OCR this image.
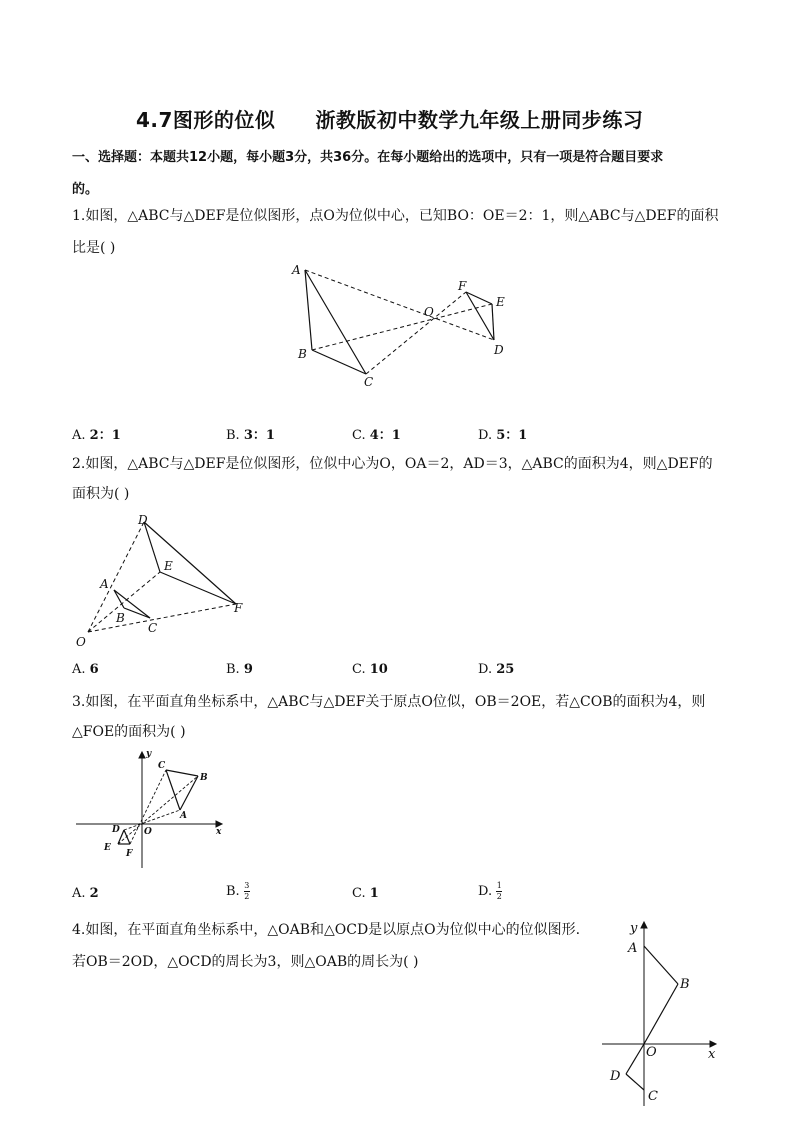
4.7图形的位似 浙教版初中数学九年级上册同步练习
一、选择题：本题共12小题，每小题3分，共36分。在每小题给出的选项中，只有一项是符合题目要求
的。
1.如图，△ABC与△DEF是位似图形，点O为位似中心，已知BO：OE＝2：1，则△ABC与△DEF的面积
比是( )
A
B
C
F
E
D
O
A. 2：1	B. 3：1	C. 4：1	D. 5：1
2.如图，△ABC与△DEF是位似图形，位似中心为O，OA＝2，AD＝3，△ABC的面积为4，则△DEF的
面积为( )
D
E
F
A
B
C
O
A. 6	B. 9	C. 10	D. 25
3.如图，在平面直角坐标系中，△ABC与△DEF关于原点O位似，OB＝2OE，若△COB的面积为4，则
△FOE的面积为( )
C
B
A
D
E
F
O	x
y
A. 2	B. $\frac{3}{2}$	C. 1	D. $\frac{1}{2}$
4.如图，在平面直角坐标系中，△OAB和△OCD是以原点O为位似中心的位似图形.
若OB＝2OD，△OCD的周长为3，则△OAB的周长为( )
A
B
O
D
C
x
y
